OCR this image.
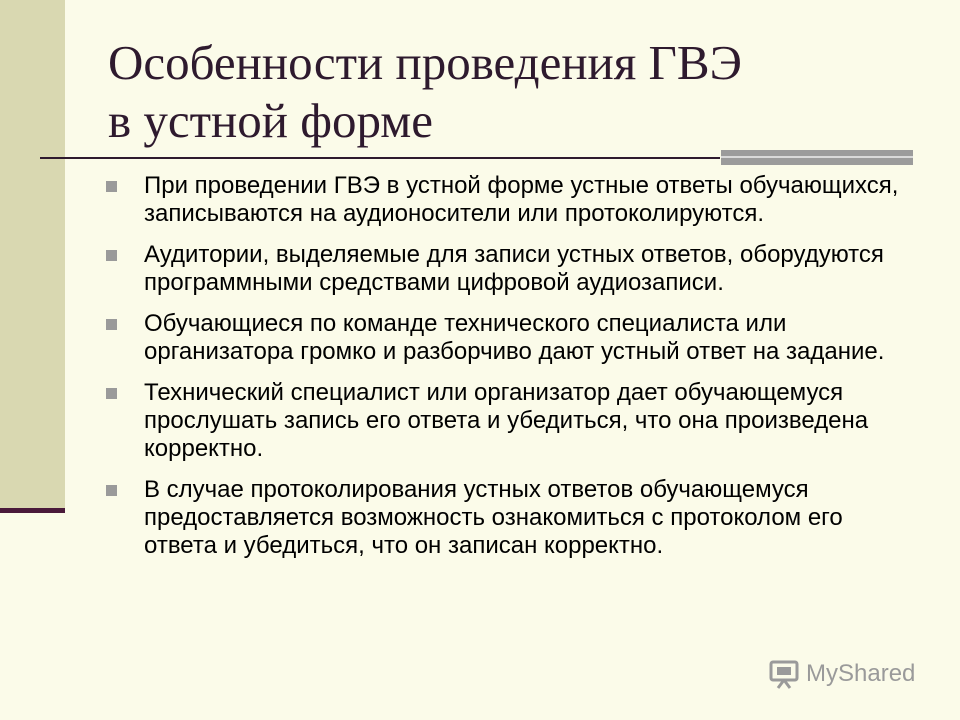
Особенности проведения ГВЭ
в устной форме
При проведении ГВЭ в устной форме устные ответы обучающихся, записываются на аудионосители или протоколируются.
Аудитории, выделяемые для записи устных ответов, оборудуются программными средствами цифровой аудиозаписи.
Обучающиеся по команде технического специалиста или организатора громко и разборчиво дают устный ответ на задание.
Технический специалист или организатор дает обучающемуся прослушать запись его ответа и убедиться, что она произведена корректно.
В случае протоколирования устных ответов обучающемуся предоставляется возможность ознакомиться с протоколом его ответа и убедиться, что он записан корректно.
MyShared
